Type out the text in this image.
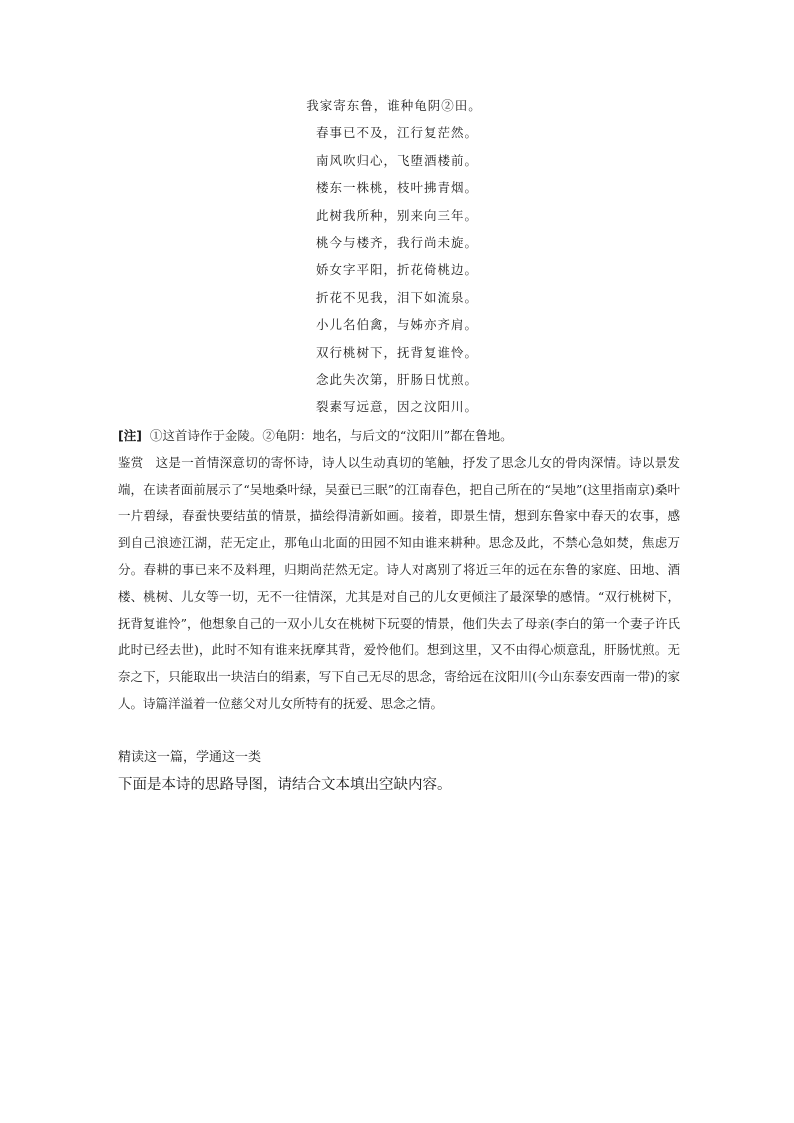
我家寄东鲁，谁种龟阴②田。
春事已不及，江行复茫然。
南风吹归心，飞堕酒楼前。
楼东一株桃，枝叶拂青烟。
此树我所种，别来向三年。
桃今与楼齐，我行尚未旋。
娇女字平阳，折花倚桃边。
折花不见我，泪下如流泉。
小儿名伯禽，与姊亦齐肩。
双行桃树下，抚背复谁怜。
念此失次第，肝肠日忧煎。
裂素写远意，因之汶阳川。

[注] ①这首诗作于金陵。②龟阴：地名，与后文的“汶阳川”都在鲁地。

鉴赏 这是一首情深意切的寄怀诗，诗人以生动真切的笔触，抒发了思念儿女的骨肉深情。诗以景发端，在读者面前展示了“吴地桑叶绿，吴蚕已三眠”的江南春色，把自己所在的“吴地”(这里指南京)桑叶一片碧绿，春蚕快要结茧的情景，描绘得清新如画。接着，即景生情，想到东鲁家中春天的农事，感到自己浪迹江湖，茫无定止，那龟山北面的田园不知由谁来耕种。思念及此，不禁心急如焚，焦虑万分。春耕的事已来不及料理，归期尚茫然无定。诗人对离别了将近三年的远在东鲁的家庭、田地、酒楼、桃树、儿女等一切，无不一往情深，尤其是对自己的儿女更倾注了最深挚的感情。“双行桃树下，抚背复谁怜”，他想象自己的一双小儿女在桃树下玩耍的情景，他们失去了母亲(李白的第一个妻子许氏此时已经去世)，此时不知有谁来抚摩其背，爱怜他们。想到这里，又不由得心烦意乱，肝肠忧煎。无奈之下，只能取出一块洁白的绢素，写下自己无尽的思念，寄给远在汶阳川(今山东泰安西南一带)的家人。诗篇洋溢着一位慈父对儿女所特有的抚爱、思念之情。

精读这一篇，学通这一类

下面是本诗的思路导图，请结合文本填出空缺内容。
